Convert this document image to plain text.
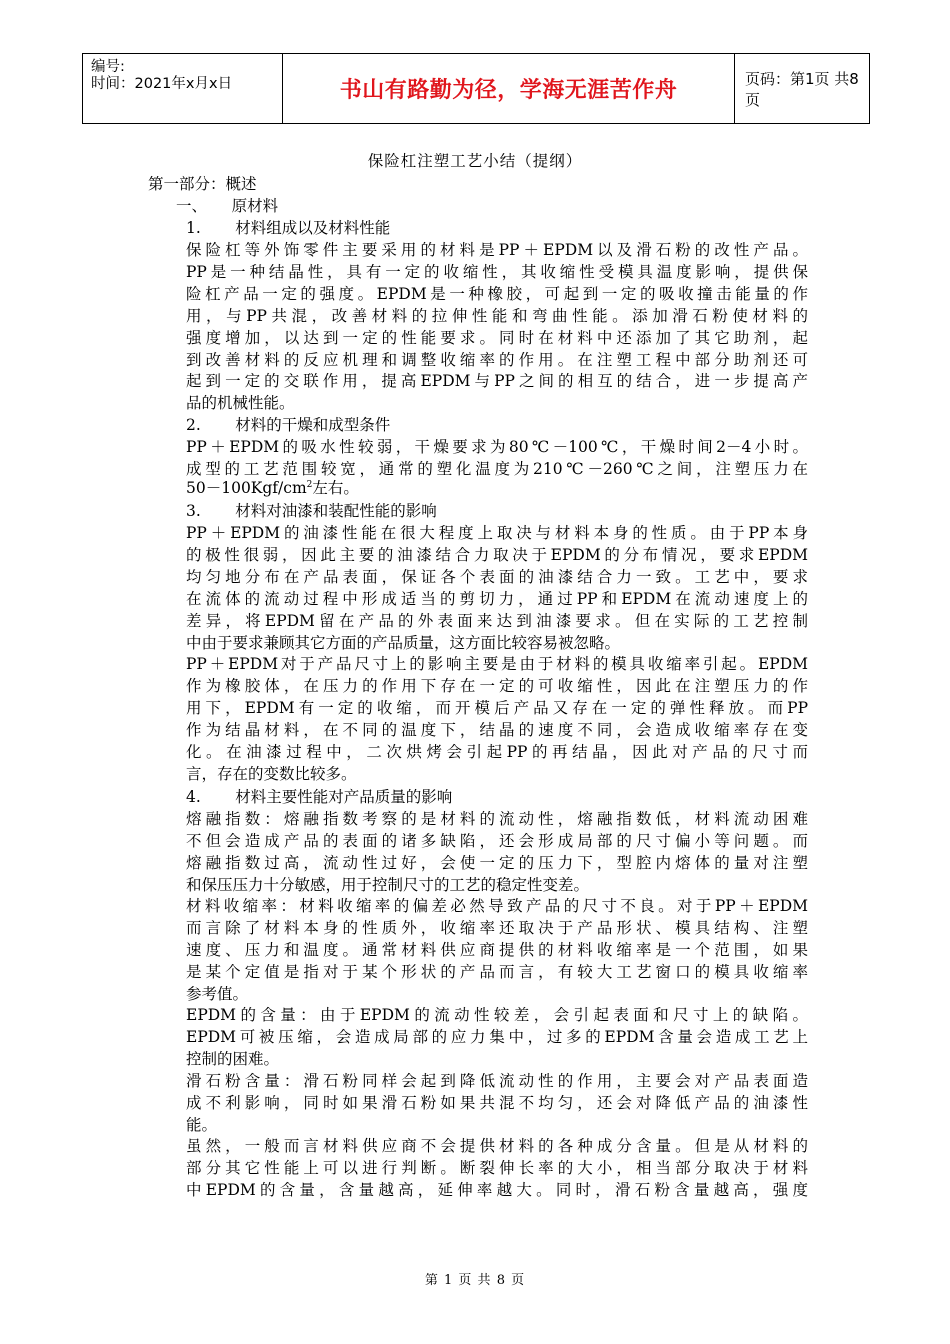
编号:
时间：2021年x月x日	书山有路勤为径，学海无涯苦作舟	页码：第1页 共8页
保险杠注塑工艺小结（提纲）
第一部分：概述
一、     原材料
1.       材料组成以及材料性能
保险杠等外饰零件主要采用的材料是PP＋EPDM以及滑石粉的改性产品。
PP是一种结晶性，具有一定的收缩性，其收缩性受模具温度影响，提供保
险杠产品一定的强度。EPDM是一种橡胶，可起到一定的吸收撞击能量的作
用，与PP共混，改善材料的拉伸性能和弯曲性能。添加滑石粉使材料的
强度增加，以达到一定的性能要求。同时在材料中还添加了其它助剂，起
到改善材料的反应机理和调整收缩率的作用。在注塑工程中部分助剂还可
起到一定的交联作用，提高EPDM与PP之间的相互的结合，进一步提高产
品的机械性能。
2.       材料的干燥和成型条件
PP＋EPDM的吸水性较弱，干燥要求为80℃－100℃，干燥时间2－4小时。
成型的工艺范围较宽，通常的塑化温度为210℃－260℃之间，注塑压力在
$50-100Kgf/cm^2$左右。
3.       材料对油漆和装配性能的影响
PP＋EPDM的油漆性能在很大程度上取决与材料本身的性质。由于PP本身
的极性很弱，因此主要的油漆结合力取决于EPDM的分布情况，要求EPDM
均匀地分布在产品表面，保证各个表面的油漆结合力一致。工艺中，要求
在流体的流动过程中形成适当的剪切力，通过PP和EPDM在流动速度上的
差异，将EPDM留在产品的外表面来达到油漆要求。但在实际的工艺控制
中由于要求兼顾其它方面的产品质量，这方面比较容易被忽略。
PP＋EPDM对于产品尺寸上的影响主要是由于材料的模具收缩率引起。EPDM
作为橡胶体，在压力的作用下存在一定的可收缩性，因此在注塑压力的作
用下，EPDM有一定的收缩，而开模后产品又存在一定的弹性释放。而PP
作为结晶材料，在不同的温度下，结晶的速度不同，会造成收缩率存在变
化。在油漆过程中，二次烘烤会引起PP的再结晶，因此对产品的尺寸而
言，存在的变数比较多。
4.       材料主要性能对产品质量的影响
熔融指数：熔融指数考察的是材料的流动性，熔融指数低，材料流动困难
不但会造成产品的表面的诸多缺陷，还会形成局部的尺寸偏小等问题。而
熔融指数过高，流动性过好，会使一定的压力下，型腔内熔体的量对注塑
和保压压力十分敏感，用于控制尺寸的工艺的稳定性变差。
材料收缩率：材料收缩率的偏差必然导致产品的尺寸不良。对于PP＋EPDM
而言除了材料本身的性质外，收缩率还取决于产品形状、模具结构、注塑
速度、压力和温度。通常材料供应商提供的材料收缩率是一个范围，如果
是某个定值是指对于某个形状的产品而言，有较大工艺窗口的模具收缩率
参考值。
EPDM的含量：由于EPDM的流动性较差，会引起表面和尺寸上的缺陷。
EPDM可被压缩，会造成局部的应力集中，过多的EPDM含量会造成工艺上
控制的困难。
滑石粉含量：滑石粉同样会起到降低流动性的作用，主要会对产品表面造
成不利影响，同时如果滑石粉如果共混不均匀，还会对降低产品的油漆性
能。
虽然，一般而言材料供应商不会提供材料的各种成分含量。但是从材料的
部分其它性能上可以进行判断。断裂伸长率的大小，相当部分取决于材料
中EPDM的含量，含量越高，延伸率越大。同时，滑石粉含量越高，强度
第 1 页 共 8 页
